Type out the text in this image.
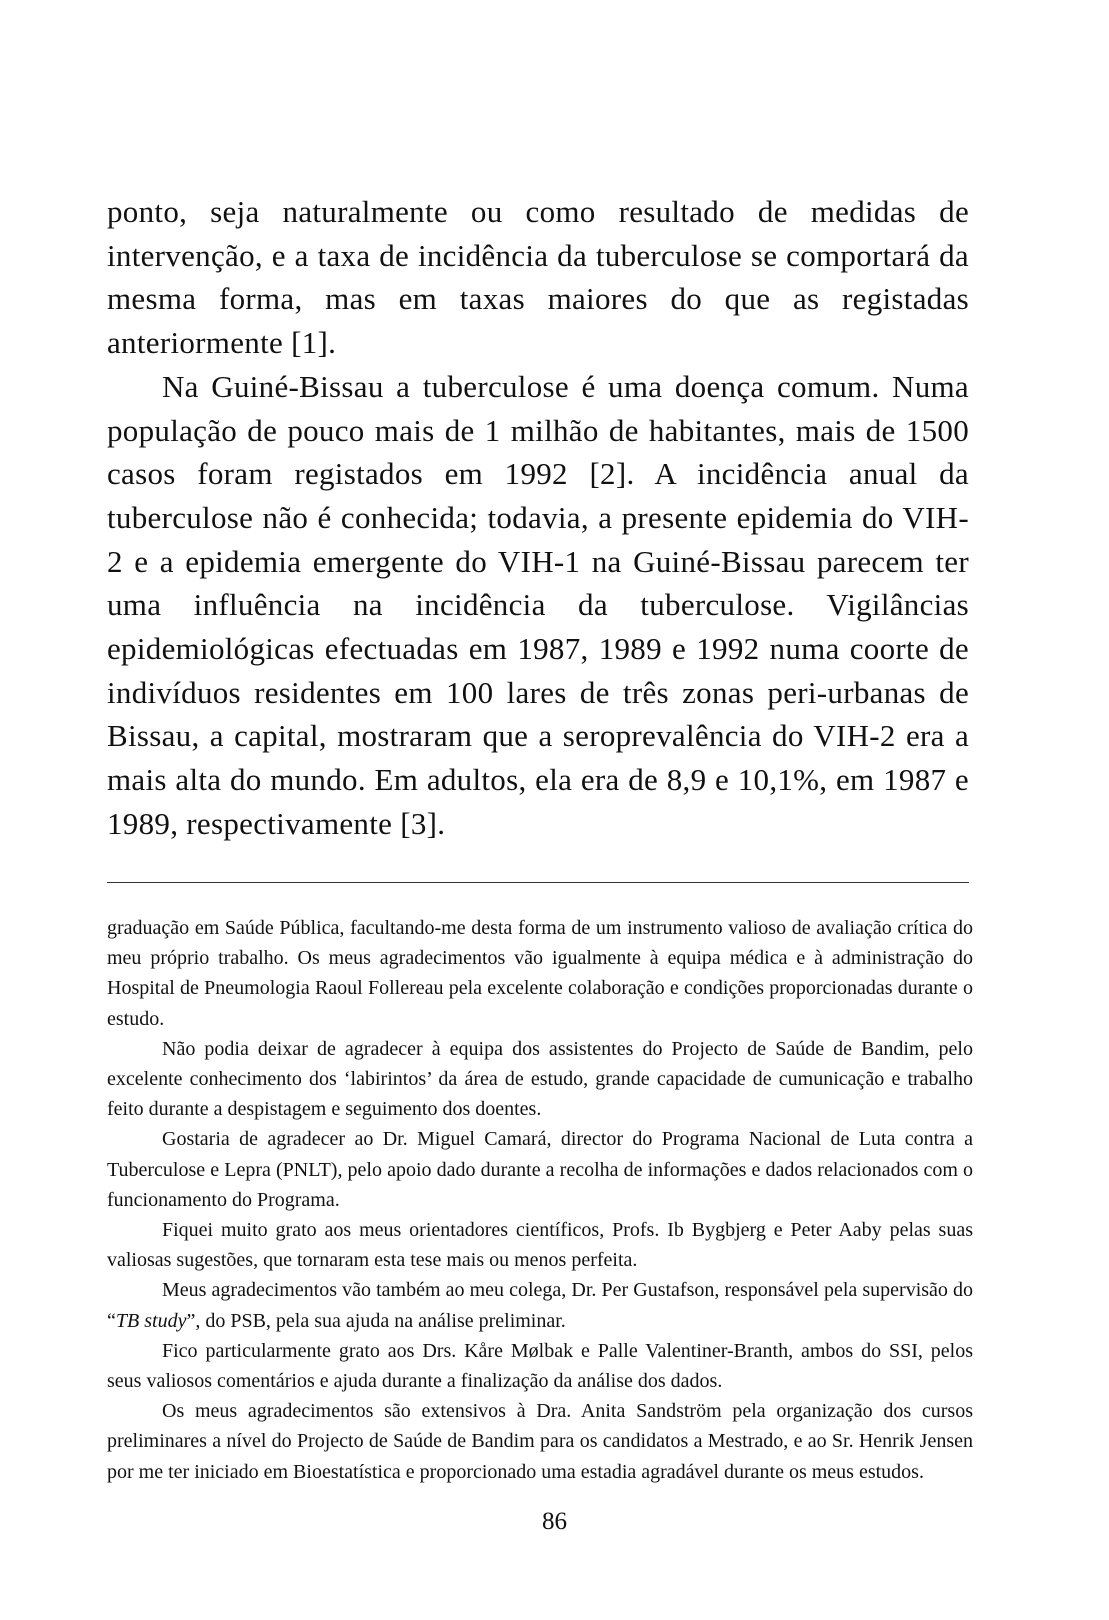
ponto, seja naturalmente ou como resultado de medidas de intervenção, e a taxa de incidência da tuberculose se comportará da mesma forma, mas em taxas maiores do que as registadas anteriormente [1].

Na Guiné-Bissau a tuberculose é uma doença comum. Numa população de pouco mais de 1 milhão de habitantes, mais de 1500 casos foram registados em 1992 [2]. A incidência anual da tuberculose não é conhecida; todavia, a presente epidemia do VIH-2 e a epidemia emergente do VIH-1 na Guiné-Bissau parecem ter uma influência na incidência da tuberculose. Vigilâncias epidemiológicas efectuadas em 1987, 1989 e 1992 numa coorte de indivíduos residentes em 100 lares de três zonas peri-urbanas de Bissau, a capital, mostraram que a seroprevalência do VIH-2 era a mais alta do mundo. Em adultos, ela era de 8,9 e 10,1%, em 1987 e 1989, respectivamente [3].

graduação em Saúde Pública, facultando-me desta forma de um instrumento valioso de avaliação crítica do meu próprio trabalho. Os meus agradecimentos vão igualmente à equipa médica e à administração do Hospital de Pneumologia Raoul Follereau pela excelente colaboração e condições proporcionadas durante o estudo.

Não podia deixar de agradecer à equipa dos assistentes do Projecto de Saúde de Bandim, pelo excelente conhecimento dos ‘labirintos’ da área de estudo, grande capacidade de cumunicação e trabalho feito durante a despistagem e seguimento dos doentes.

Gostaria de agradecer ao Dr. Miguel Camará, director do Programa Nacional de Luta contra a Tuberculose e Lepra (PNLT), pelo apoio dado durante a recolha de informações e dados relacionados com o funcionamento do Programa.

Fiquei muito grato aos meus orientadores científicos, Profs. Ib Bygbjerg e Peter Aaby pelas suas valiosas sugestões, que tornaram esta tese mais ou menos perfeita.

Meus agradecimentos vão também ao meu colega, Dr. Per Gustafson, responsável pela supervisão do “TB study”, do PSB, pela sua ajuda na análise preliminar.

Fico particularmente grato aos Drs. Kåre Mølbak e Palle Valentiner-Branth, ambos do SSI, pelos seus valiosos comentários e ajuda durante a finalização da análise dos dados.

Os meus agradecimentos são extensivos à Dra. Anita Sandström pela organização dos cursos preliminares a nível do Projecto de Saúde de Bandim para os candidatos a Mestrado, e ao Sr. Henrik Jensen por me ter iniciado em Bioestatística e proporcionado uma estadia agradável durante os meus estudos.

86
